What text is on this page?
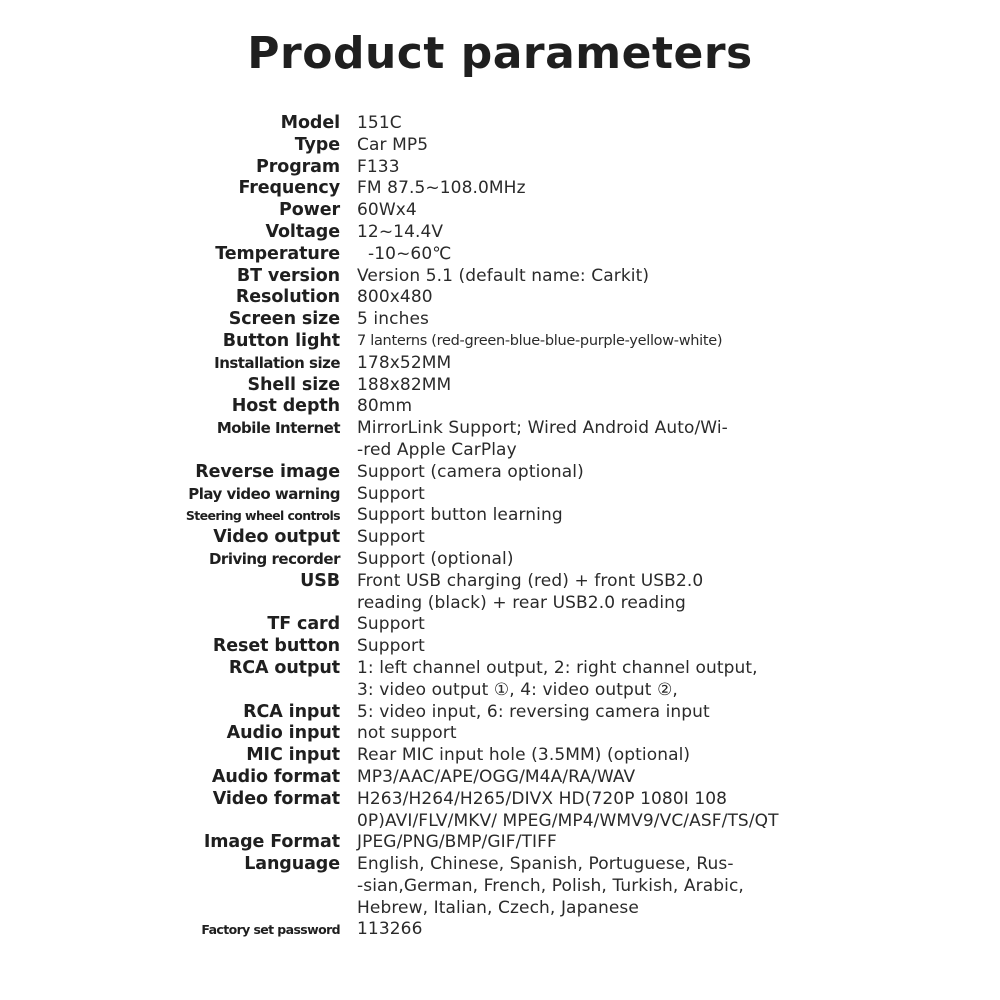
Product parameters
Model 151C
Type Car MP5
Program F133
Frequency FM 87.5~108.0MHz
Power 60Wx4
Voltage 12~14.4V
Temperature -10~60℃
BT version Version 5.1 (default name: Carkit)
Resolution 800x480
Screen size 5 inches
Button light 7 lanterns (red-green-blue-blue-purple-yellow-white)
Installation size 178x52MM
Shell size 188x82MM
Host depth 80mm
Mobile Internet MirrorLink Support; Wired Android Auto/Wi-
-red Apple CarPlay
Reverse image Support (camera optional)
Play video warning Support
Steering wheel controls Support button learning
Video output Support
Driving recorder Support (optional)
USB Front USB charging (red) + front USB2.0
reading (black) + rear USB2.0 reading
TF card Support
Reset button Support
RCA output 1: left channel output, 2: right channel output,
3: video output ①, 4: video output ②,
RCA input 5: video input, 6: reversing camera input
Audio input not support
MIC input Rear MIC input hole (3.5MM) (optional)
Audio format MP3/AAC/APE/OGG/M4A/RA/WAV
Video format H263/H264/H265/DIVX HD(720P 1080I 108
0P)AVI/FLV/MKV/ MPEG/MP4/WMV9/VC/ASF/TS/QT
Image Format JPEG/PNG/BMP/GIF/TIFF
Language English, Chinese, Spanish, Portuguese, Rus-
-sian,German, French, Polish, Turkish, Arabic,
Hebrew, Italian, Czech, Japanese
Factory set password 113266
